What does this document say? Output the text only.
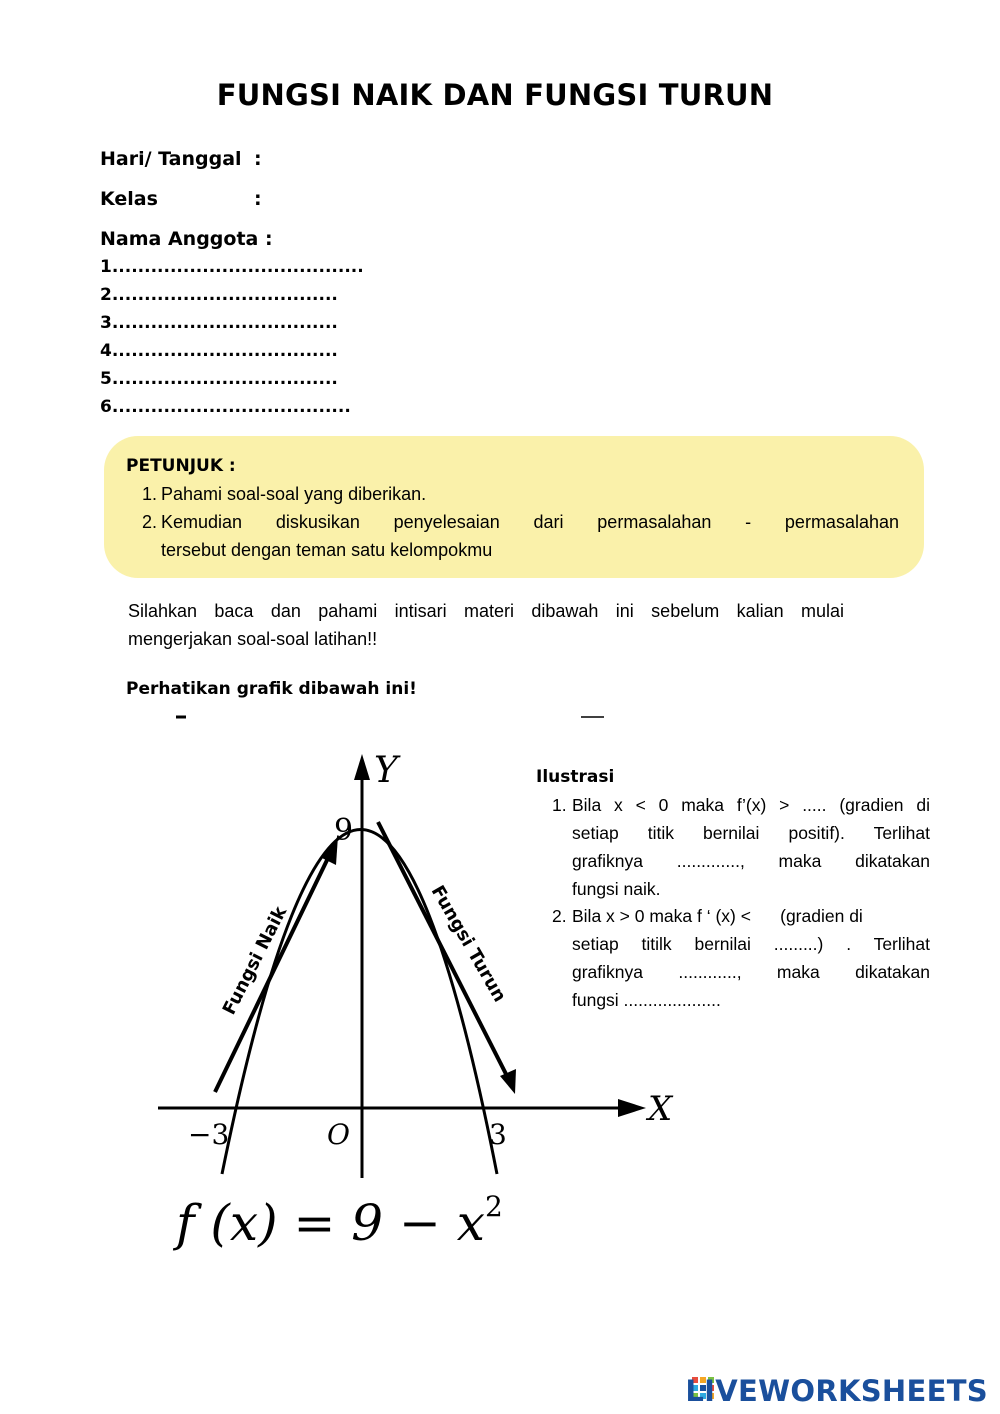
FUNGSI NAIK DAN FUNGSI TURUN
Hari/ Tanggal :
Kelas	:
Nama Anggota :
1.......................................
2...................................
3...................................
4...................................
5...................................
6.....................................
PETUNJUK :
1. Pahami soal-soal yang diberikan.
2. Kemudian diskusikan penyelesaian dari permasalahan - permasalahan
tersebut dengan teman satu kelompokmu
Silahkan baca dan pahami intisari materi dibawah ini sebelum kalian mulai
mengerjakan soal-soal latihan!!
Perhatikan grafik dibawah ini!
Y
X
9
−3	O	3
Fungsi Naik	Fungsi Turun
f $(x) = 9 - x^2$
Ilustrasi
1. Bila x < 0 maka f’(x) > ..... (gradien di
setiap titik bernilai positif). Terlihat
grafiknya ............., maka dikatakan
fungsi naik.
2. Bila x > 0 maka f ‘ (x) <      (gradien di
setiap titilk bernilai .........) . Terlihat
grafiknya ............, maka dikatakan
fungsi ....................
LIVEWORKSHEETS
